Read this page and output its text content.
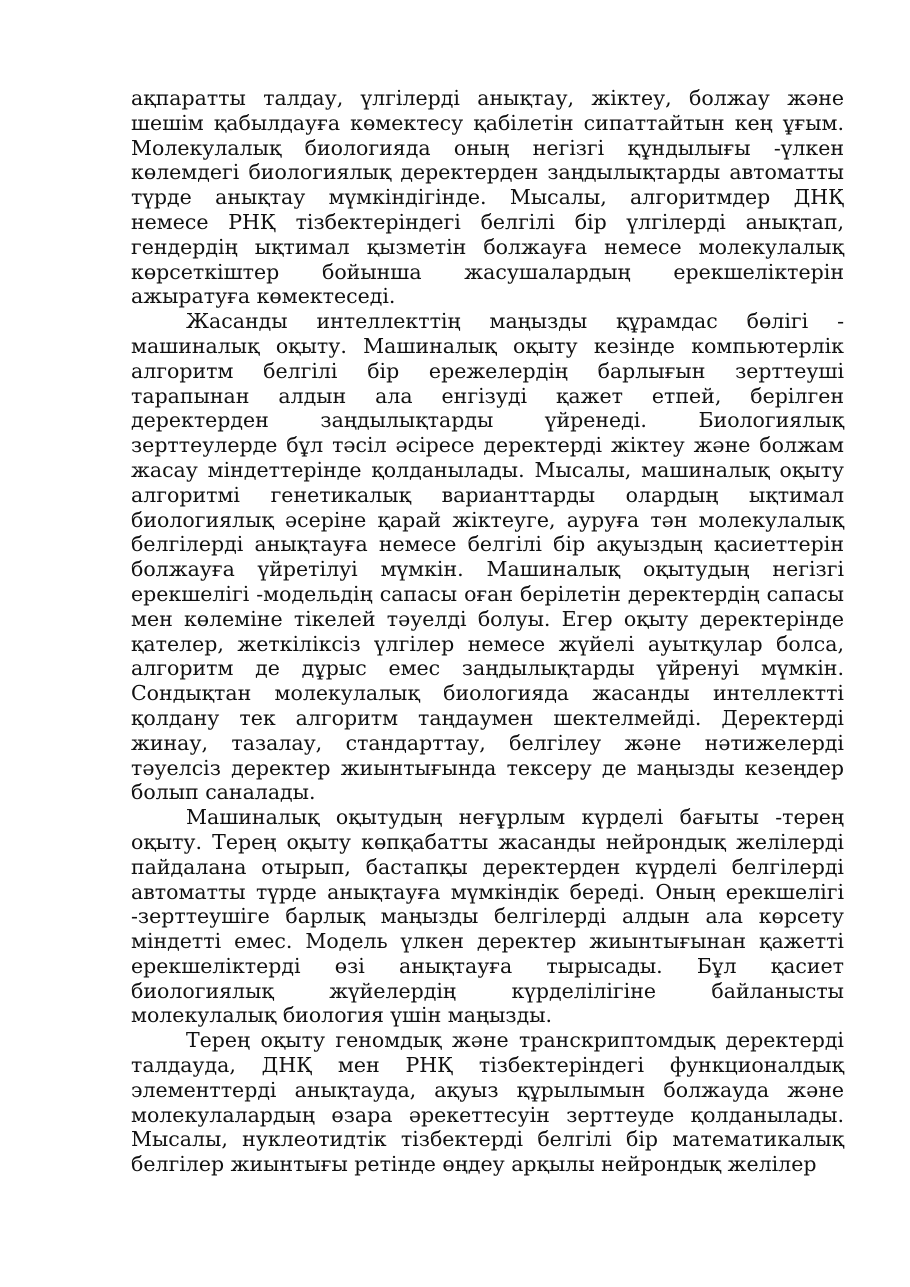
ақпаратты талдау, үлгілерді анықтау, жіктеу, болжау және шешім қабылдауға көмектесу қабілетін сипаттайтын кең ұғым. Молекулалық биологияда оның негізгі құндылығы -үлкен көлемдегі биологиялық деректерден заңдылықтарды автоматты түрде анықтау мүмкіндігінде. Мысалы, алгоритмдер ДНҚ немесе РНҚ тізбектеріндегі белгілі бір үлгілерді анықтап, гендердің ықтимал қызметін болжауға немесе молекулалық көрсеткіштер бойынша жасушалардың ерекшеліктерін ажыратуға көмектеседі.

Жасанды интеллекттің маңызды құрамдас бөлігі - машиналық оқыту. Машиналық оқыту кезінде компьютерлік алгоритм белгілі бір ережелердің барлығын зерттеуші тарапынан алдын ала енгізуді қажет етпей, берілген деректерден заңдылықтарды үйренеді. Биологиялық зерттеулерде бұл тәсіл әсіресе деректерді жіктеу және болжам жасау міндеттерінде қолданылады. Мысалы, машиналық оқыту алгоритмі генетикалық варианттарды олардың ықтимал биологиялық әсеріне қарай жіктеуге, ауруға тән молекулалық белгілерді анықтауға немесе белгілі бір ақуыздың қасиеттерін болжауға үйретілуі мүмкін. Машиналық оқытудың негізгі ерекшелігі -модельдің сапасы оған берілетін деректердің сапасы мен көлеміне тікелей тәуелді болуы. Егер оқыту деректерінде қателер, жеткіліксіз үлгілер немесе жүйелі ауытқулар болса, алгоритм де дұрыс емес заңдылықтарды үйренуі мүмкін. Сондықтан молекулалық биологияда жасанды интеллектті қолдану тек алгоритм таңдаумен шектелмейді. Деректерді жинау, тазалау, стандарттау, белгілеу және нәтижелерді тәуелсіз деректер жиынтығында тексеру де маңызды кезеңдер болып саналады.

Машиналық оқытудың неғұрлым күрделі бағыты -терең оқыту. Терең оқыту көпқабатты жасанды нейрондық желілерді пайдалана отырып, бастапқы деректерден күрделі белгілерді автоматты түрде анықтауға мүмкіндік береді. Оның ерекшелігі -зерттеушіге барлық маңызды белгілерді алдын ала көрсету міндетті емес. Модель үлкен деректер жиынтығынан қажетті ерекшеліктерді өзі анықтауға тырысады. Бұл қасиет биологиялық жүйелердің күрделілігіне байланысты молекулалық биология үшін маңызды.

Терең оқыту геномдық және транскриптомдық деректерді талдауда, ДНҚ мен РНҚ тізбектеріндегі функционалдық элементтерді анықтауда, ақуыз құрылымын болжауда және молекулалардың өзара әрекеттесуін зерттеуде қолданылады. Мысалы, нуклеотидтік тізбектерді белгілі бір математикалық белгілер жиынтығы ретінде өңдеу арқылы нейрондық желілер
